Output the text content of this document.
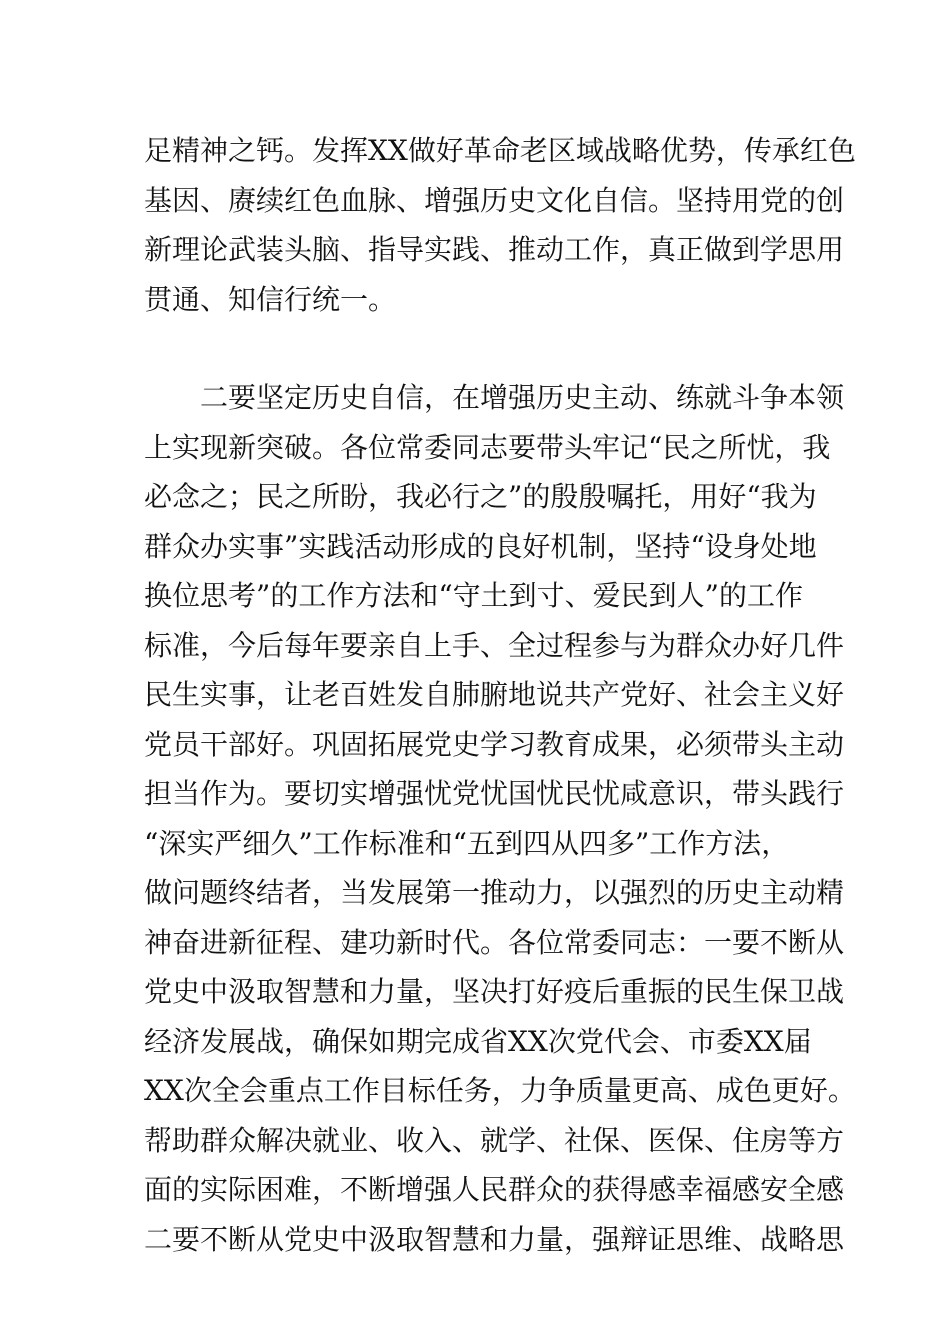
足精神之钙。发挥XX做好革命老区域战略优势，传承红色
基因、赓续红色血脉、增强历史文化自信。坚持用党的创
新理论武装头脑、指导实践、推动工作，真正做到学思用
贯通、知信行统一。
　　二要坚定历史自信，在增强历史主动、练就斗争本领
上实现新突破。各位常委同志要带头牢记“民之所忧，我
必念之；民之所盼，我必行之”的殷殷嘱托，用好“我为
群众办实事”实践活动形成的良好机制，坚持“设身处地
换位思考”的工作方法和“守土到寸、爱民到人”的工作
标准，今后每年要亲自上手、全过程参与为群众办好几件
民生实事，让老百姓发自肺腑地说共产党好、社会主义好
党员干部好。巩固拓展党史学习教育成果，必须带头主动
担当作为。要切实增强忧党忧国忧民忧咸意识，带头践行
“深实严细久”工作标准和“五到四从四多”工作方法，
做问题终结者，当发展第一推动力，以强烈的历史主动精
神奋进新征程、建功新时代。各位常委同志：一要不断从
党史中汲取智慧和力量，坚决打好疫后重振的民生保卫战
经济发展战，确保如期完成省XX次党代会、市委XX届
XX次全会重点工作目标任务，力争质量更高、成色更好。
帮助群众解决就业、收入、就学、社保、医保、住房等方
面的实际困难，不断增强人民群众的获得感幸福感安全感
二要不断从党史中汲取智慧和力量，强辩证思维、战略思
